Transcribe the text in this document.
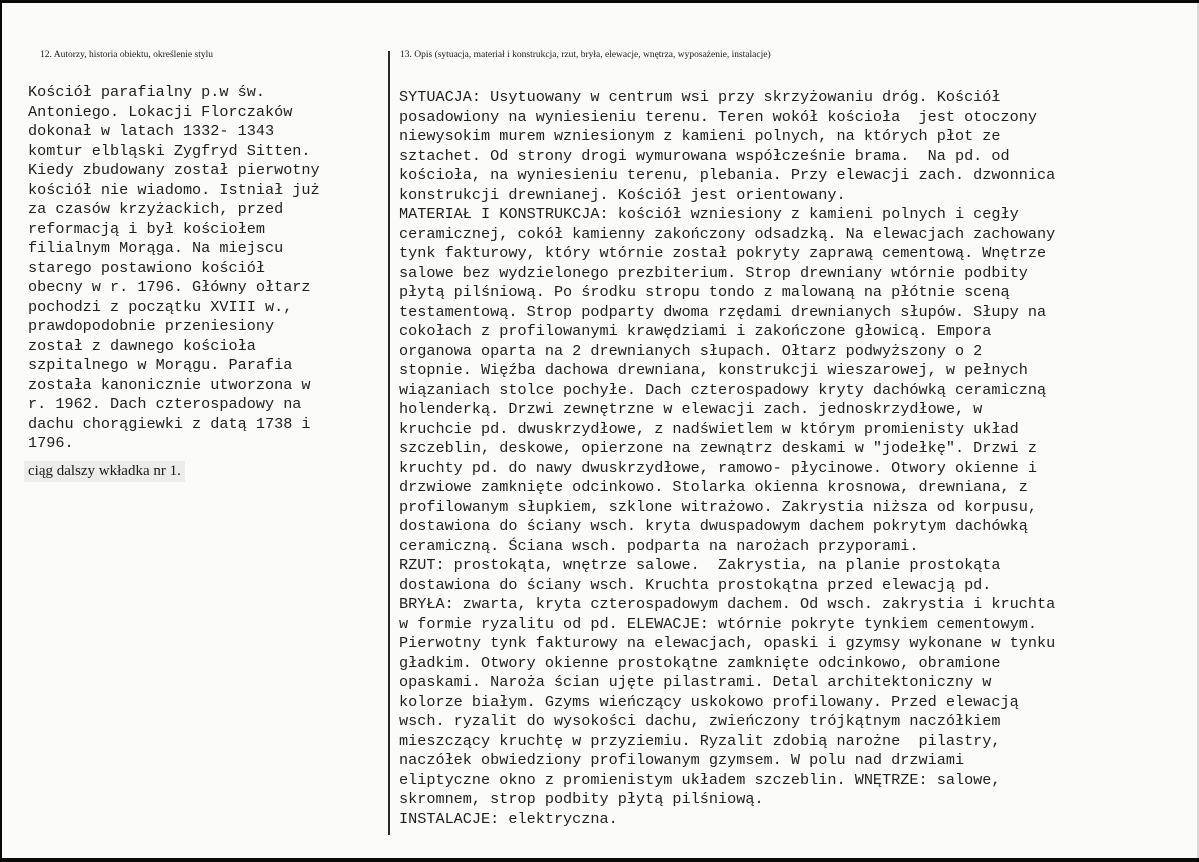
12. Autorzy, historia obiektu, określenie stylu	13. Opis (sytuacja, materiał i konstrukcja, rzut, bryła, elewacje, wnętrza, wyposażenie, instalacje)
Kościół parafialny p.w św.
Antoniego. Lokacji Florczaków
dokonał w latach 1332- 1343
komtur elbląski Zygfryd Sitten.
Kiedy zbudowany został pierwotny
kościół nie wiadomo. Istniał już
za czasów krzyżackich, przed
reformacją i był kościołem
filialnym Morąga. Na miejscu
starego postawiono kościół
obecny w r. 1796. Główny ołtarz
pochodzi z początku XVIII w.,
prawdopodobnie przeniesiony
został z dawnego kościoła
szpitalnego w Morągu. Parafia
została kanonicznie utworzona w
r. 1962. Dach czterospadowy na
dachu chorągiewki z datą 1738 i
1796.
ciąg dalszy wkładka nr 1.
SYTUACJA: Usytuowany w centrum wsi przy skrzyżowaniu dróg. Kościół
posadowiony na wyniesieniu terenu. Teren wokół kościoła  jest otoczony
niewysokim murem wzniesionym z kamieni polnych, na których płot ze
sztachet. Od strony drogi wymurowana współcześnie brama.  Na pd. od
kościoła, na wyniesieniu terenu, plebania. Przy elewacji zach. dzwonnica
konstrukcji drewnianej. Kościół jest orientowany.
MATERIAŁ I KONSTRUKCJA: kościół wzniesiony z kamieni polnych i cegły
ceramicznej, cokół kamienny zakończony odsadzką. Na elewacjach zachowany
tynk fakturowy, który wtórnie został pokryty zaprawą cementową. Wnętrze
salowe bez wydzielonego prezbiterium. Strop drewniany wtórnie podbity
płytą pilśniową. Po środku stropu tondo z malowaną na płótnie sceną
testamentową. Strop podparty dwoma rzędami drewnianych słupów. Słupy na
cokołach z profilowanymi krawędziami i zakończone głowicą. Empora
organowa oparta na 2 drewnianych słupach. Ołtarz podwyższony o 2
stopnie. Więźba dachowa drewniana, konstrukcji wieszarowej, w pełnych
wiązaniach stolce pochyłe. Dach czterospadowy kryty dachówką ceramiczną
holenderką. Drzwi zewnętrzne w elewacji zach. jednoskrzydłowe, w
kruchcie pd. dwuskrzydłowe, z nadświetlem w którym promienisty układ
szczeblin, deskowe, opierzone na zewnątrz deskami w "jodełkę". Drzwi z
kruchty pd. do nawy dwuskrzydłowe, ramowo- płycinowe. Otwory okienne i
drzwiowe zamknięte odcinkowo. Stolarka okienna krosnowa, drewniana, z
profilowanym słupkiem, szklone witrażowo. Zakrystia niższa od korpusu,
dostawiona do ściany wsch. kryta dwuspadowym dachem pokrytym dachówką
ceramiczną. Ściana wsch. podparta na narożach przyporami.
RZUT: prostokąta, wnętrze salowe.  Zakrystia, na planie prostokąta
dostawiona do ściany wsch. Kruchta prostokątna przed elewacją pd.
BRYŁA: zwarta, kryta czterospadowym dachem. Od wsch. zakrystia i kruchta
w formie ryzalitu od pd. ELEWACJE: wtórnie pokryte tynkiem cementowym.
Pierwotny tynk fakturowy na elewacjach, opaski i gzymsy wykonane w tynku
gładkim. Otwory okienne prostokątne zamknięte odcinkowo, obramione
opaskami. Naroża ścian ujęte pilastrami. Detal architektoniczny w
kolorze białym. Gzyms wieńczący uskokowo profilowany. Przed elewacją
wsch. ryzalit do wysokości dachu, zwieńczony trójkątnym naczółkiem
mieszczący kruchtę w przyziemiu. Ryzalit zdobią narożne  pilastry,
naczółek obwiedziony profilowanym gzymsem. W polu nad drzwiami
eliptyczne okno z promienistym układem szczeblin. WNĘTRZE: salowe,
skromnem, strop podbity płytą pilśniową.
INSTALACJE: elektryczna.
